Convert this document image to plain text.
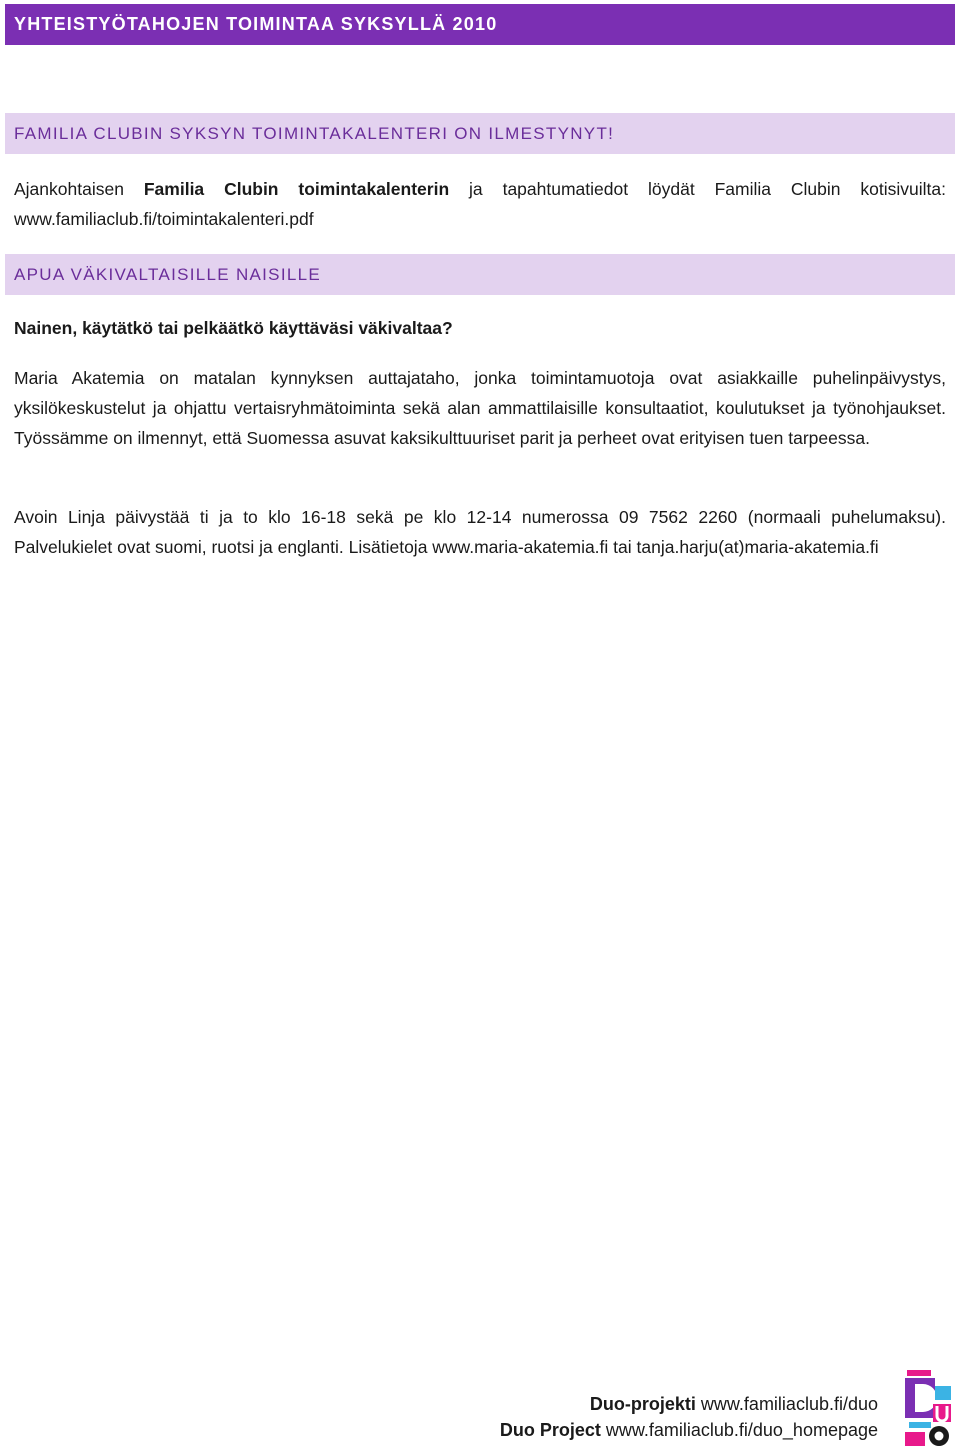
YHTEISTYÖTAHOJEN TOIMINTAA SYKSYLLÄ 2010
FAMILIA CLUBIN SYKSYN TOIMINTAKALENTERI ON ILMESTYNYT!

Ajankohtaisen Familia Clubin toimintakalenterin ja tapahtumatiedot löydät Familia Clubin kotisivuilta:

www.familiaclub.fi/toimintakalenteri.pdf

APUA VÄKIVALTAISILLE NAISILLE

Nainen, käytätkö tai pelkäätkö käyttäväsi väkivaltaa?

Maria Akatemia on matalan kynnyksen auttajataho, jonka toimintamuotoja ovat asiakkaille puhelinpäivystys, yksilökeskustelut ja ohjattu vertaisryhmätoiminta sekä alan ammattilaisille konsultaatiot, koulutukset ja työnohjaukset. Työssämme on ilmennyt, että Suomessa asuvat kaksikulttuuriset parit ja perheet ovat erityisen tuen tarpeessa.

Avoin Linja päivystää ti ja to klo 16-18 sekä pe klo 12-14 numerossa 09 7562 2260 (normaali puhelumaksu). Palvelukielet ovat suomi, ruotsi ja englanti. Lisätietoja www.maria-akatemia.fi tai tanja.harju(at)maria-akatemia.fi

Duo-projekti www.familiaclub.fi/duo
Duo Project www.familiaclub.fi/duo_homepage
